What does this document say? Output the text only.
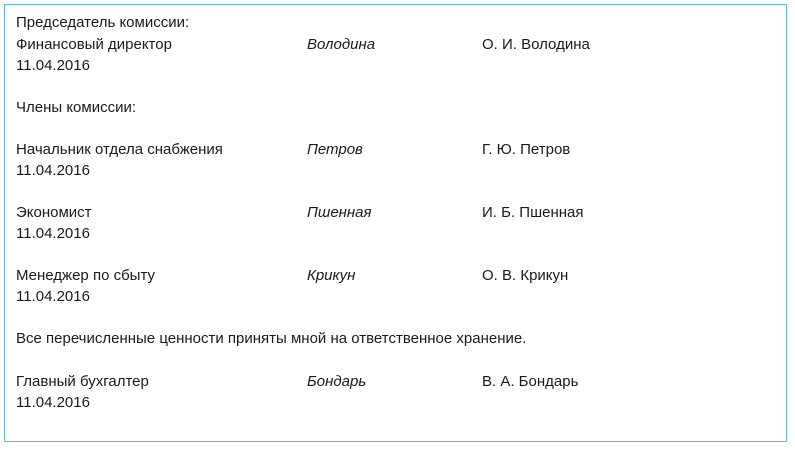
Председатель комиссии:
Финансовый директор	Володина	О. И. Володина
11.04.2016
Члены комиссии:
Начальник отдела снабжения	Петров	Г. Ю. Петров
11.04.2016
Экономист	Пшенная	И. Б. Пшенная
11.04.2016
Менеджер по сбыту	Крикун	О. В. Крикун
11.04.2016
Все перечисленные ценности приняты мной на ответственное хранение.
Главный бухгалтер	Бондарь	В. А. Бондарь
11.04.2016
